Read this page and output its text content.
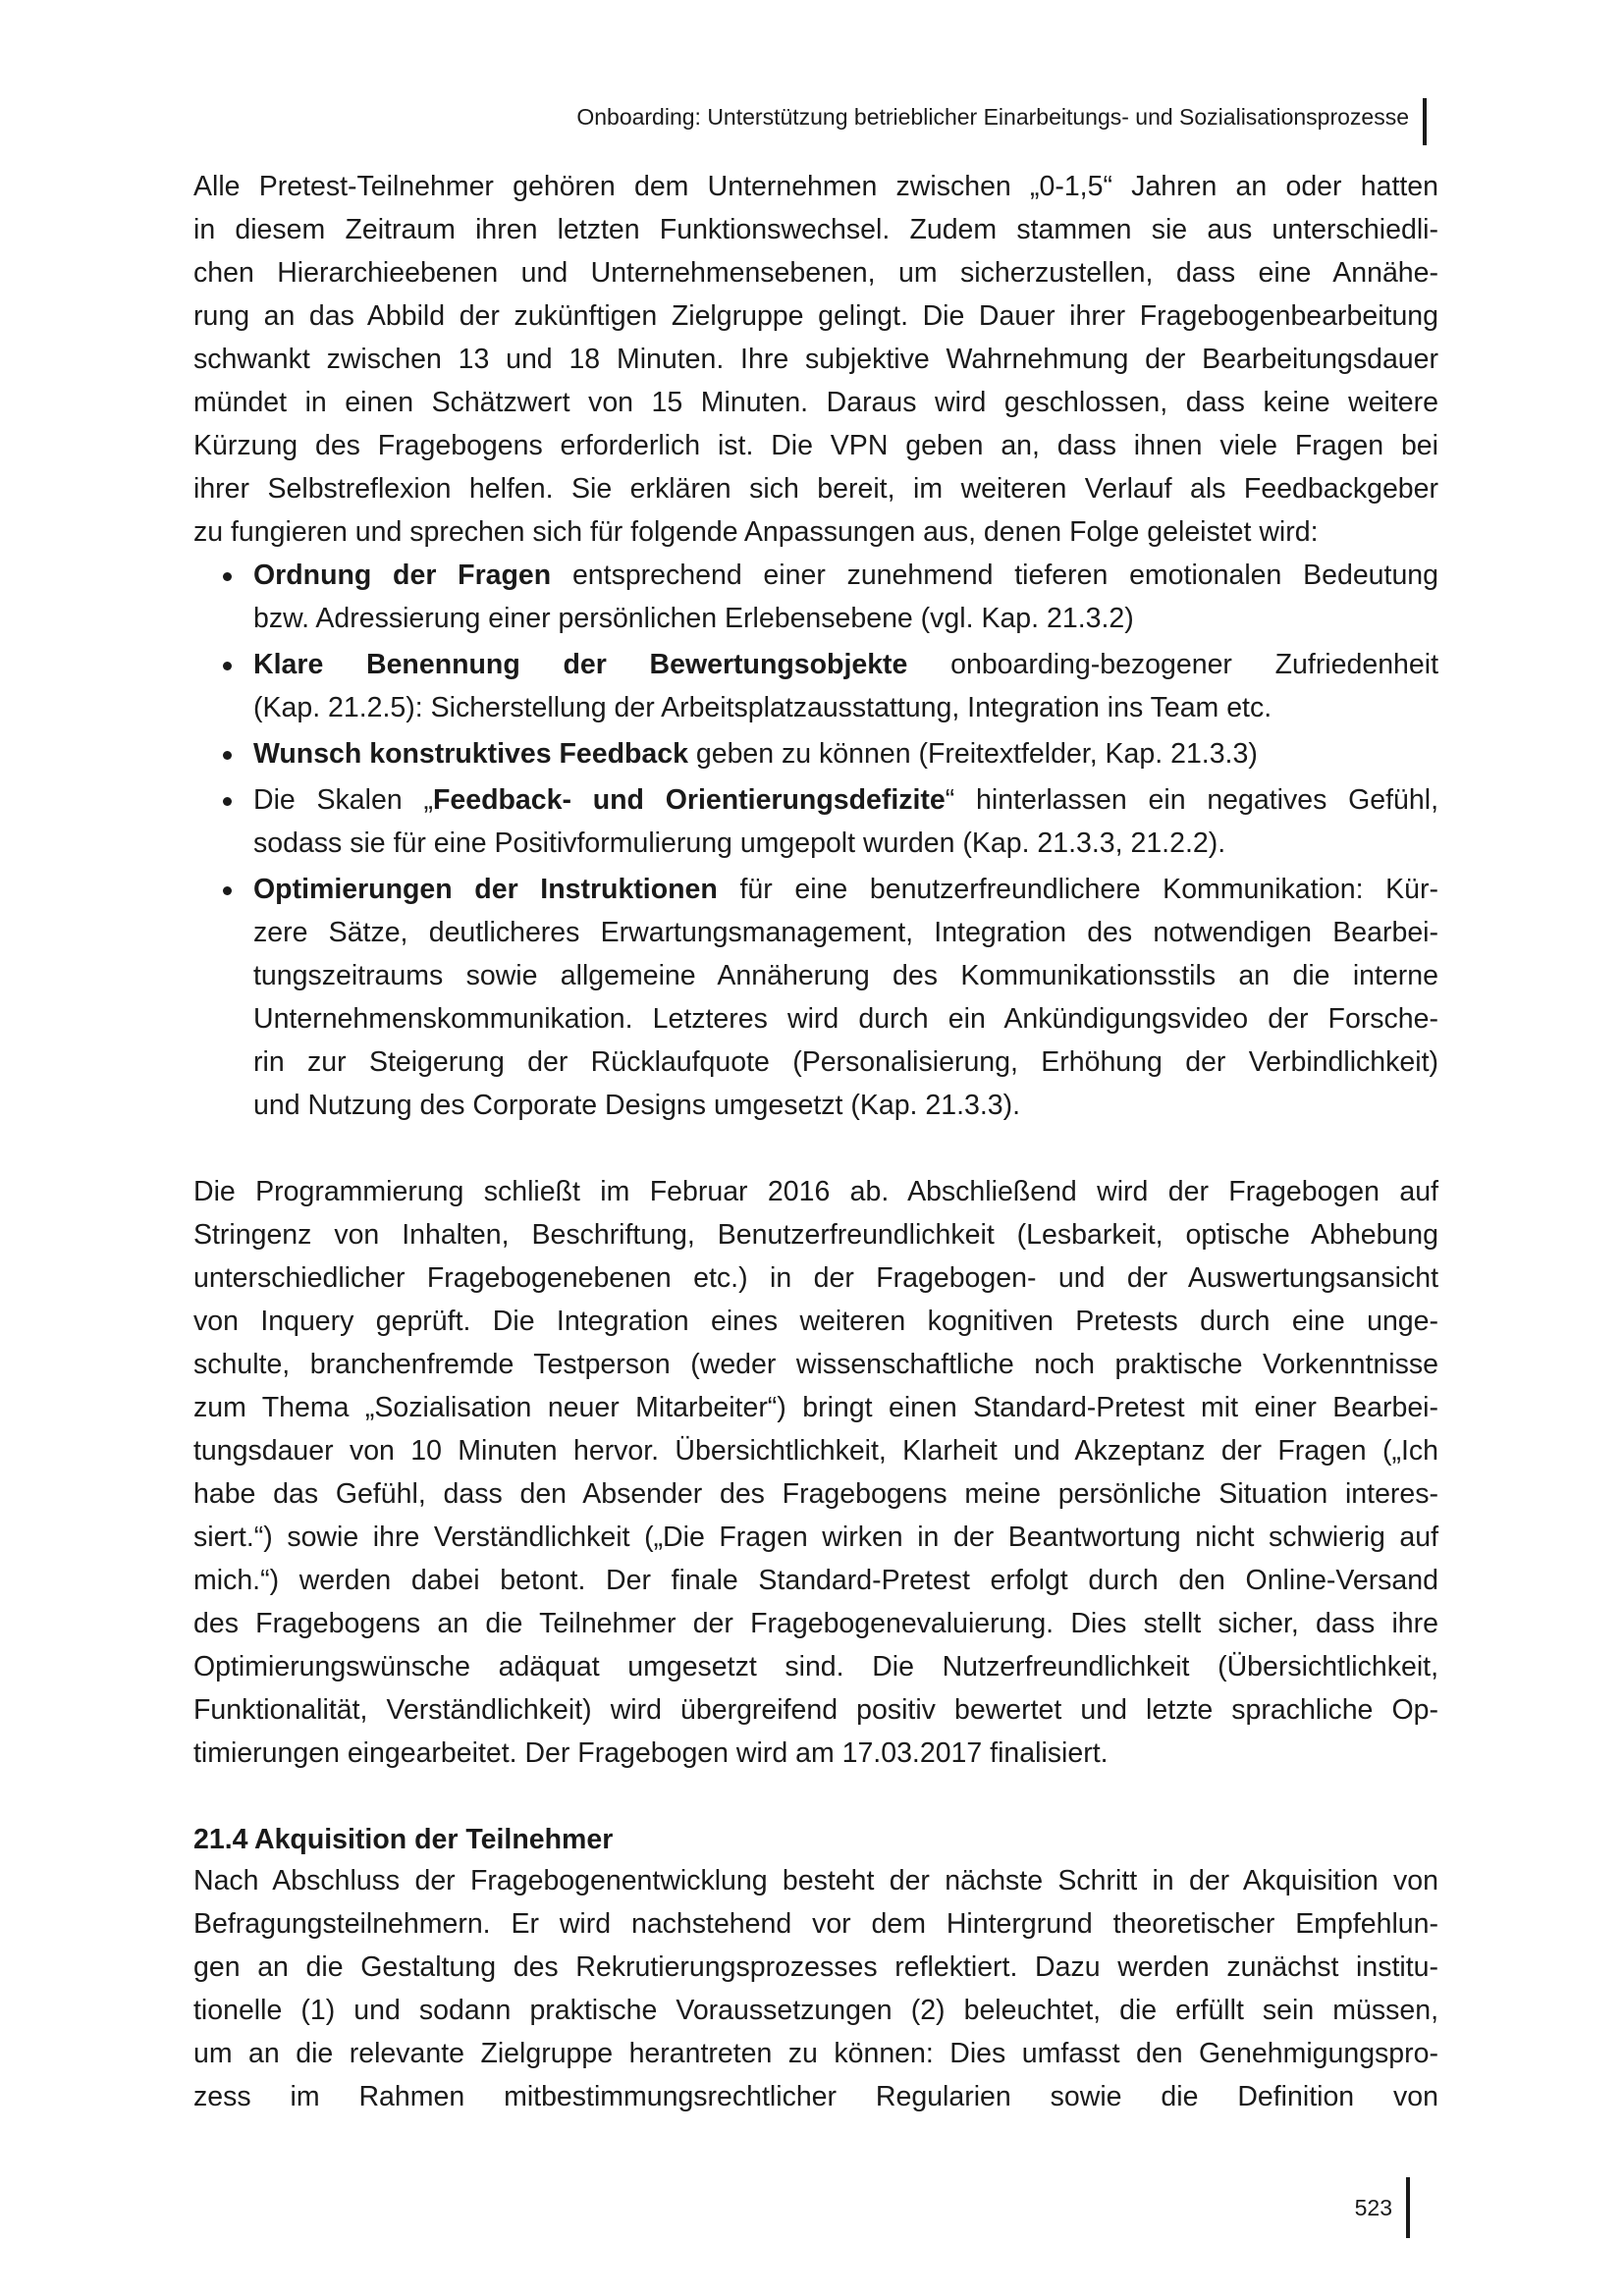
Onboarding: Unterstützung betrieblicher Einarbeitungs- und Sozialisationsprozesse
Alle Pretest-Teilnehmer gehören dem Unternehmen zwischen „0-1,5“ Jahren an oder hatten
in diesem Zeitraum ihren letzten Funktionswechsel. Zudem stammen sie aus unterschiedli-
chen Hierarchieebenen und Unternehmensebenen, um sicherzustellen, dass eine Annähe-
rung an das Abbild der zukünftigen Zielgruppe gelingt. Die Dauer ihrer Fragebogenbearbeitung
schwankt zwischen 13 und 18 Minuten. Ihre subjektive Wahrnehmung der Bearbeitungsdauer
mündet in einen Schätzwert von 15 Minuten. Daraus wird geschlossen, dass keine weitere
Kürzung des Fragebogens erforderlich ist. Die VPN geben an, dass ihnen viele Fragen bei
ihrer Selbstreflexion helfen. Sie erklären sich bereit, im weiteren Verlauf als Feedbackgeber
zu fungieren und sprechen sich für folgende Anpassungen aus, denen Folge geleistet wird:
Ordnung der Fragen entsprechend einer zunehmend tieferen emotionalen Bedeutung
bzw. Adressierung einer persönlichen Erlebensebene (vgl. Kap. 21.3.2)
Klare Benennung der Bewertungsobjekte onboarding-bezogener Zufriedenheit
(Kap. 21.2.5): Sicherstellung der Arbeitsplatzausstattung, Integration ins Team etc.
Wunsch konstruktives Feedback geben zu können (Freitextfelder, Kap. 21.3.3)
Die Skalen „Feedback- und Orientierungsdefizite“ hinterlassen ein negatives Gefühl,
sodass sie für eine Positivformulierung umgepolt wurden (Kap. 21.3.3, 21.2.2).
Optimierungen der Instruktionen für eine benutzerfreundlichere Kommunikation: Kür-
zere Sätze, deutlicheres Erwartungsmanagement, Integration des notwendigen Bearbei-
tungszeitraums sowie allgemeine Annäherung des Kommunikationsstils an die interne
Unternehmenskommunikation. Letzteres wird durch ein Ankündigungsvideo der Forsche-
rin zur Steigerung der Rücklaufquote (Personalisierung, Erhöhung der Verbindlichkeit)
und Nutzung des Corporate Designs umgesetzt (Kap. 21.3.3).
Die Programmierung schließt im Februar 2016 ab. Abschließend wird der Fragebogen auf
Stringenz von Inhalten, Beschriftung, Benutzerfreundlichkeit (Lesbarkeit, optische Abhebung
unterschiedlicher Fragebogenebenen etc.) in der Fragebogen- und der Auswertungsansicht
von Inquery geprüft. Die Integration eines weiteren kognitiven Pretests durch eine unge-
schulte, branchenfremde Testperson (weder wissenschaftliche noch praktische Vorkenntnisse
zum Thema „Sozialisation neuer Mitarbeiter“) bringt einen Standard-Pretest mit einer Bearbei-
tungsdauer von 10 Minuten hervor. Übersichtlichkeit, Klarheit und Akzeptanz der Fragen („Ich
habe das Gefühl, dass den Absender des Fragebogens meine persönliche Situation interes-
siert.“) sowie ihre Verständlichkeit („Die Fragen wirken in der Beantwortung nicht schwierig auf
mich.“) werden dabei betont. Der finale Standard-Pretest erfolgt durch den Online-Versand
des Fragebogens an die Teilnehmer der Fragebogenevaluierung. Dies stellt sicher, dass ihre
Optimierungswünsche adäquat umgesetzt sind. Die Nutzerfreundlichkeit (Übersichtlichkeit,
Funktionalität, Verständlichkeit) wird übergreifend positiv bewertet und letzte sprachliche Op-
timierungen eingearbeitet. Der Fragebogen wird am 17.03.2017 finalisiert.
21.4 Akquisition der Teilnehmer
Nach Abschluss der Fragebogenentwicklung besteht der nächste Schritt in der Akquisition von
Befragungsteilnehmern. Er wird nachstehend vor dem Hintergrund theoretischer Empfehlun-
gen an die Gestaltung des Rekrutierungsprozesses reflektiert. Dazu werden zunächst institu-
tionelle (1) und sodann praktische Voraussetzungen (2) beleuchtet, die erfüllt sein müssen,
um an die relevante Zielgruppe herantreten zu können: Dies umfasst den Genehmigungspro-
zess im Rahmen mitbestimmungsrechtlicher Regularien sowie die Definition von
523
